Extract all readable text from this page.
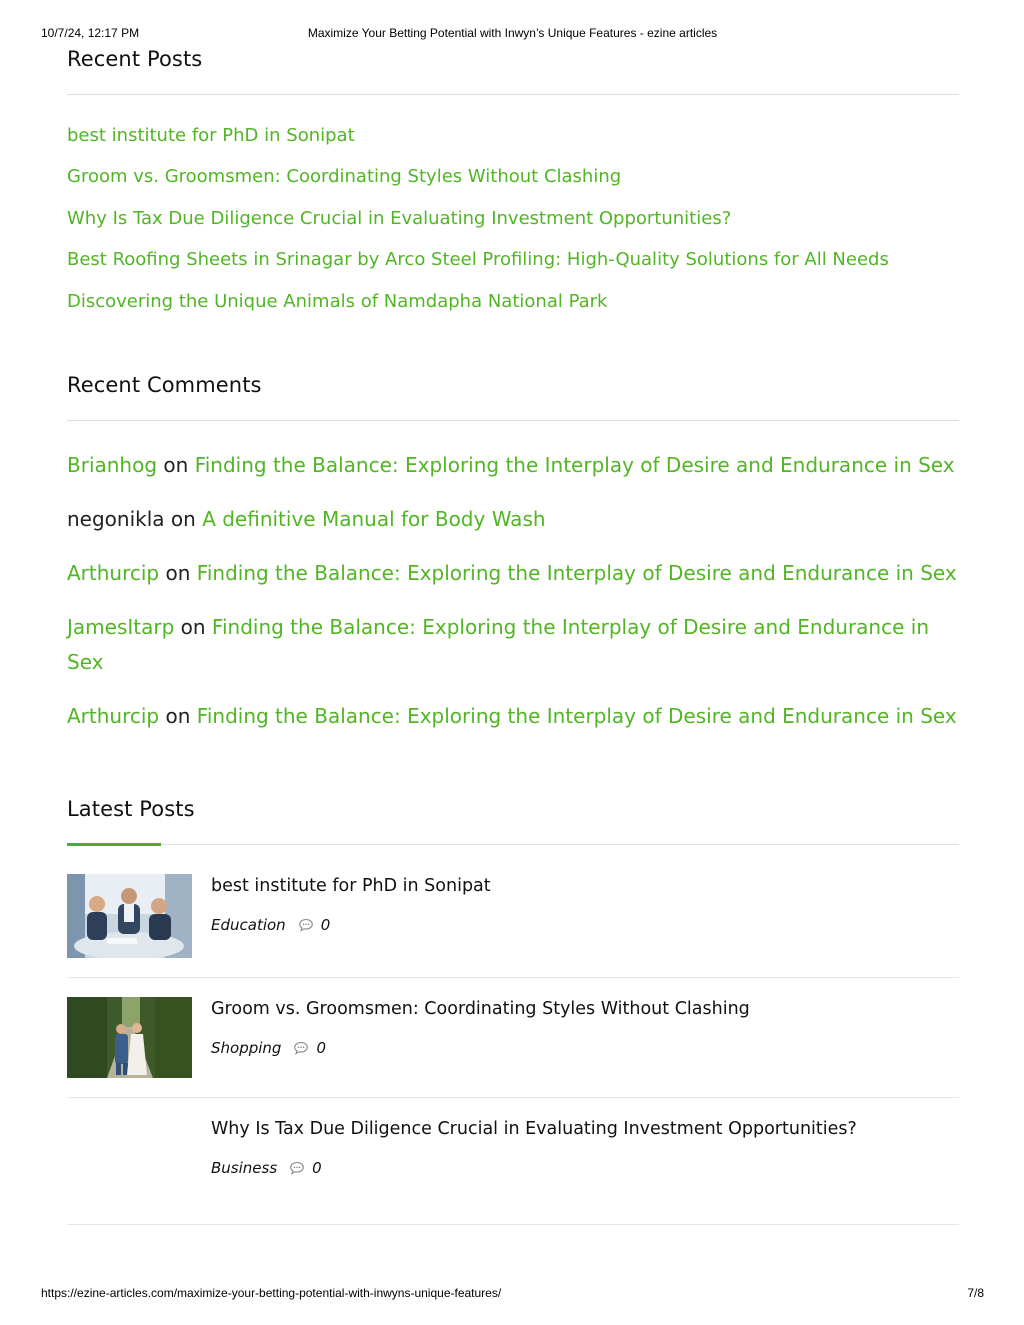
10/7/24, 12:17 PM	Maximize Your Betting Potential with Inwyn’s Unique Features - ezine articles
Recent Posts
best institute for PhD in Sonipat
Groom vs. Groomsmen: Coordinating Styles Without Clashing
Why Is Tax Due Diligence Crucial in Evaluating Investment Opportunities?
Best Roofing Sheets in Srinagar by Arco Steel Profiling: High-Quality Solutions for All Needs
Discovering the Unique Animals of Namdapha National Park
Recent Comments
Brianhog on Finding the Balance: Exploring the Interplay of Desire and Endurance in Sex
negonikla on A definitive Manual for Body Wash
Arthurcip on Finding the Balance: Exploring the Interplay of Desire and Endurance in Sex
JamesItarp on Finding the Balance: Exploring the Interplay of Desire and Endurance in Sex
Arthurcip on Finding the Balance: Exploring the Interplay of Desire and Endurance in Sex
Latest Posts
best institute for PhD in Sonipat
Education 0
Groom vs. Groomsmen: Coordinating Styles Without Clashing
Shopping 0
Why Is Tax Due Diligence Crucial in Evaluating Investment Opportunities?
Business 0
https://ezine-articles.com/maximize-your-betting-potential-with-inwyns-unique-features/	7/8
